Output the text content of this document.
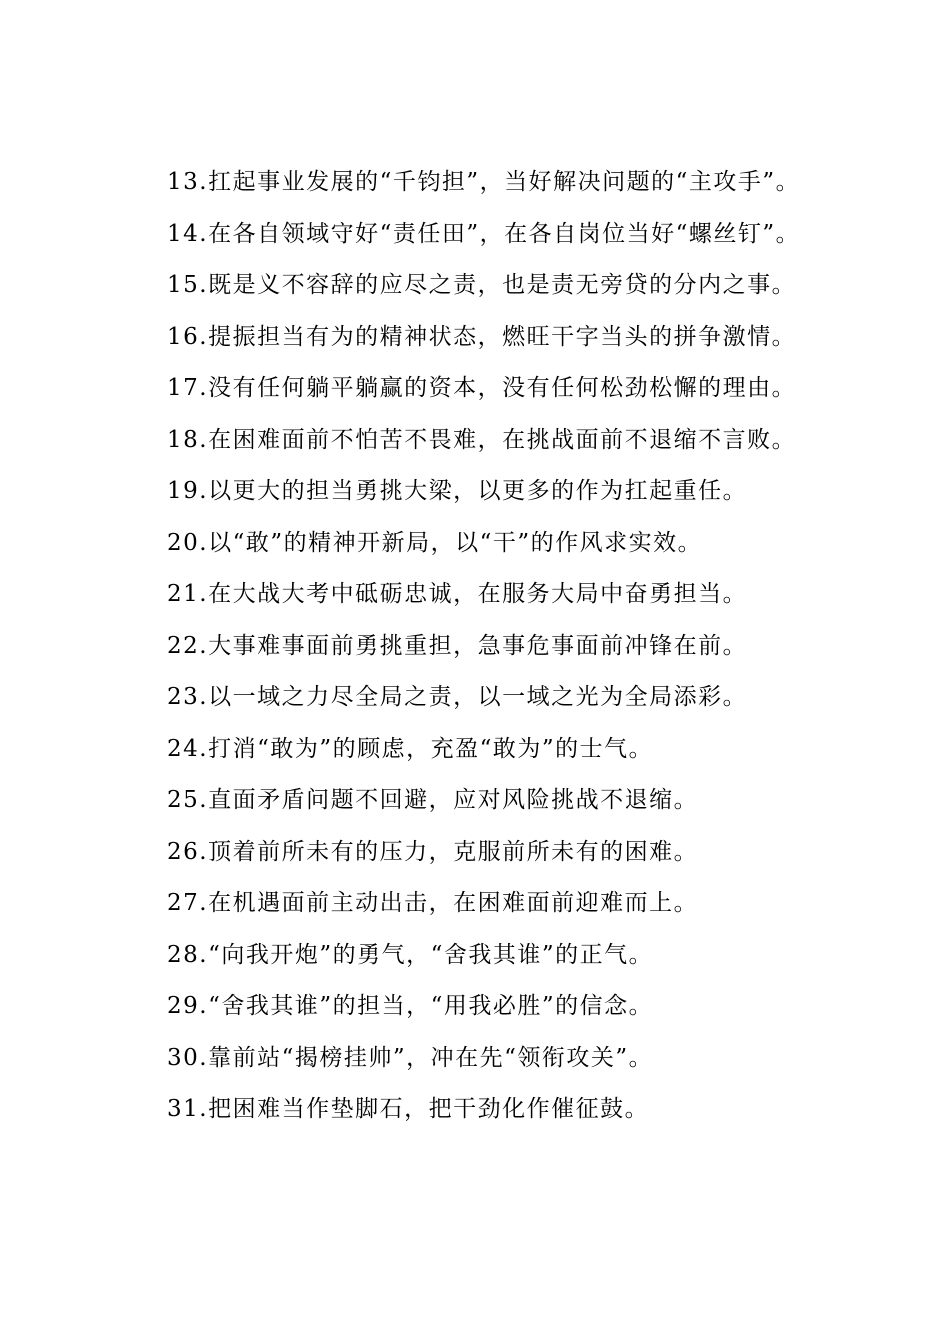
13.扛起事业发展的“千钧担”，当好解决问题的“主攻手”。
14.在各自领域守好“责任田”，在各自岗位当好“螺丝钉”。
15.既是义不容辞的应尽之责，也是责无旁贷的分内之事。
16.提振担当有为的精神状态，燃旺干字当头的拼争激情。
17.没有任何躺平躺赢的资本，没有任何松劲松懈的理由。
18.在困难面前不怕苦不畏难，在挑战面前不退缩不言败。
19.以更大的担当勇挑大梁，以更多的作为扛起重任。
20.以“敢”的精神开新局，以“干”的作风求实效。
21.在大战大考中砥砺忠诚，在服务大局中奋勇担当。
22.大事难事面前勇挑重担，急事危事面前冲锋在前。
23.以一域之力尽全局之责，以一域之光为全局添彩。
24.打消“敢为”的顾虑，充盈“敢为”的士气。
25.直面矛盾问题不回避，应对风险挑战不退缩。
26.顶着前所未有的压力，克服前所未有的困难。
27.在机遇面前主动出击，在困难面前迎难而上。
28.“向我开炮”的勇气，“舍我其谁”的正气。
29.“舍我其谁”的担当，“用我必胜”的信念。
30.靠前站“揭榜挂帅”，冲在先“领衔攻关”。
31.把困难当作垫脚石，把干劲化作催征鼓。
